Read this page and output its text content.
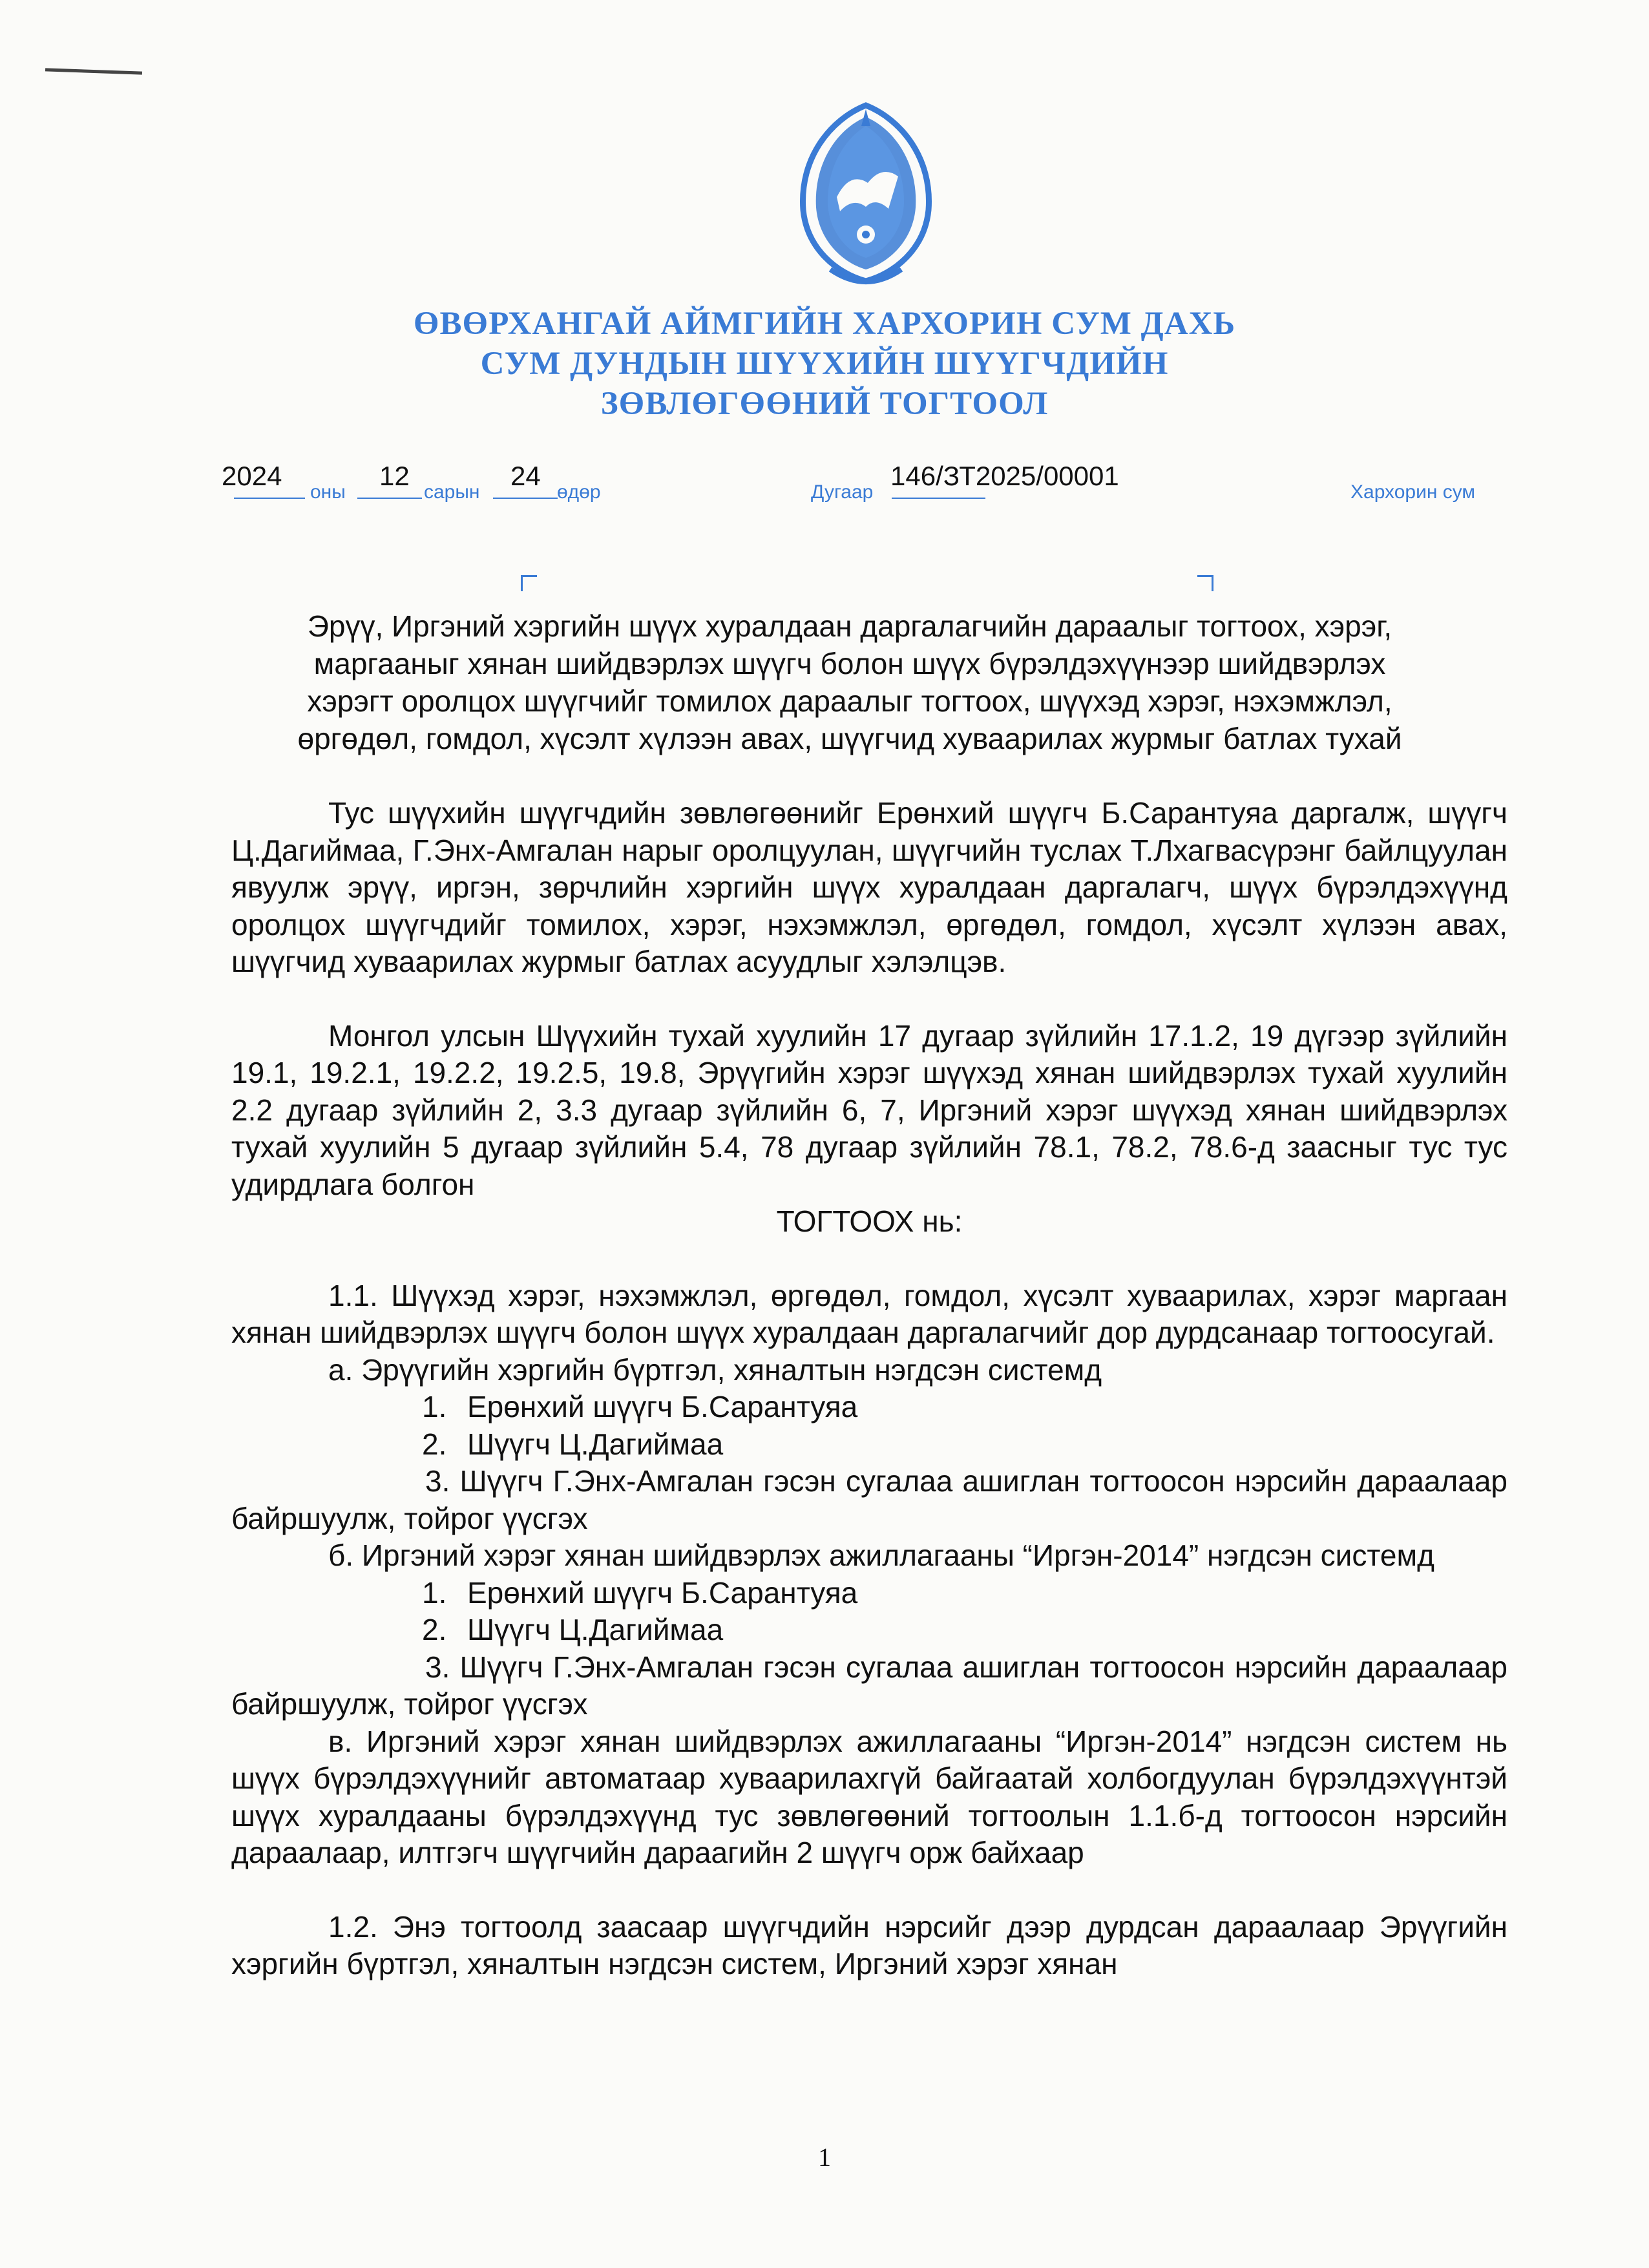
ӨВӨРХАНГАЙ АЙМГИЙН ХАРХОРИН СУМ ДАХЬ
СУМ ДУНДЫН ШҮҮХИЙН ШҮҮГЧДИЙН
ЗӨВЛӨГӨӨНИЙ ТОГТООЛ
2024
оны
12
сарын
24
өдөр	Дугаар
146/ЗТ2025/00001
Хархорин сум
Эрүү, Иргэний хэргийн шүүх хуралдаан даргалагчийн дараалыг тогтоох, хэрэг,
маргааныг хянан шийдвэрлэх шүүгч болон шүүх бүрэлдэхүүнээр шийдвэрлэх
хэрэгт оролцох шүүгчийг томилох дараалыг тогтоох, шүүхэд хэрэг, нэхэмжлэл,
өргөдөл, гомдол, хүсэлт хүлээн авах, шүүгчид хуваарилах журмыг батлах тухай

Тус шүүхийн шүүгчдийн зөвлөгөөнийг Ерөнхий шүүгч Б.Сарантуяа даргалж, шүүгч Ц.Дагиймаа, Г.Энх-Амгалан нарыг оролцуулан, шүүгчийн туслах Т.Лхагвасүрэнг байлцуулан явуулж эрүү, иргэн, зөрчлийн хэргийн шүүх хуралдаан даргалагч, шүүх бүрэлдэхүүнд оролцох шүүгчдийг томилох, хэрэг, нэхэмжлэл, өргөдөл, гомдол, хүсэлт хүлээн авах, шүүгчид хуваарилах журмыг батлах асуудлыг хэлэлцэв.

Монгол улсын Шүүхийн тухай хуулийн 17 дугаар зүйлийн 17.1.2, 19 дүгээр зүйлийн 19.1, 19.2.1, 19.2.2, 19.2.5, 19.8, Эрүүгийн хэрэг шүүхэд хянан шийдвэрлэх тухай хуулийн 2.2 дугаар зүйлийн 2, 3.3 дугаар зүйлийн 6, 7, Иргэний хэрэг шүүхэд хянан шийдвэрлэх тухай хуулийн 5 дугаар зүйлийн 5.4, 78 дугаар зүйлийн 78.1, 78.2, 78.6-д заасныг тус тус удирдлага болгон

ТОГТООХ нь:

1.1. Шүүхэд хэрэг, нэхэмжлэл, өргөдөл, гомдол, хүсэлт хуваарилах, хэрэг маргаан хянан шийдвэрлэх шүүгч болон шүүх хуралдаан даргалагчийг дор дурдсанаар тогтоосугай.

а. Эрүүгийн хэргийн бүртгэл, хяналтын нэгдсэн системд

1. Ерөнхий шүүгч Б.Сарантуяа

2. Шүүгч Ц.Дагиймаа

3. Шүүгч Г.Энх-Амгалан гэсэн сугалаа ашиглан тогтоосон нэрсийн дараалаар байршуулж, тойрог үүсгэх

б. Иргэний хэрэг хянан шийдвэрлэх ажиллагааны “Иргэн-2014” нэгдсэн системд

1. Ерөнхий шүүгч Б.Сарантуяа

2. Шүүгч Ц.Дагиймаа

3. Шүүгч Г.Энх-Амгалан гэсэн сугалаа ашиглан тогтоосон нэрсийн дараалаар байршуулж, тойрог үүсгэх

в. Иргэний хэрэг хянан шийдвэрлэх ажиллагааны “Иргэн-2014” нэгдсэн систем нь шүүх бүрэлдэхүүнийг автоматаар хуваарилахгүй байгаатай холбогдуулан бүрэлдэхүүнтэй шүүх хуралдааны бүрэлдэхүүнд тус зөвлөгөөний тогтоолын 1.1.б-д тогтоосон нэрсийн дараалаар, илтгэгч шүүгчийн дараагийн 2 шүүгч орж байхаар

1.2. Энэ тогтоолд заасаар шүүгчдийн нэрсийг дээр дурдсан дараалаар Эрүүгийн хэргийн бүртгэл, хяналтын нэгдсэн систем, Иргэний хэрэг хянан

1
